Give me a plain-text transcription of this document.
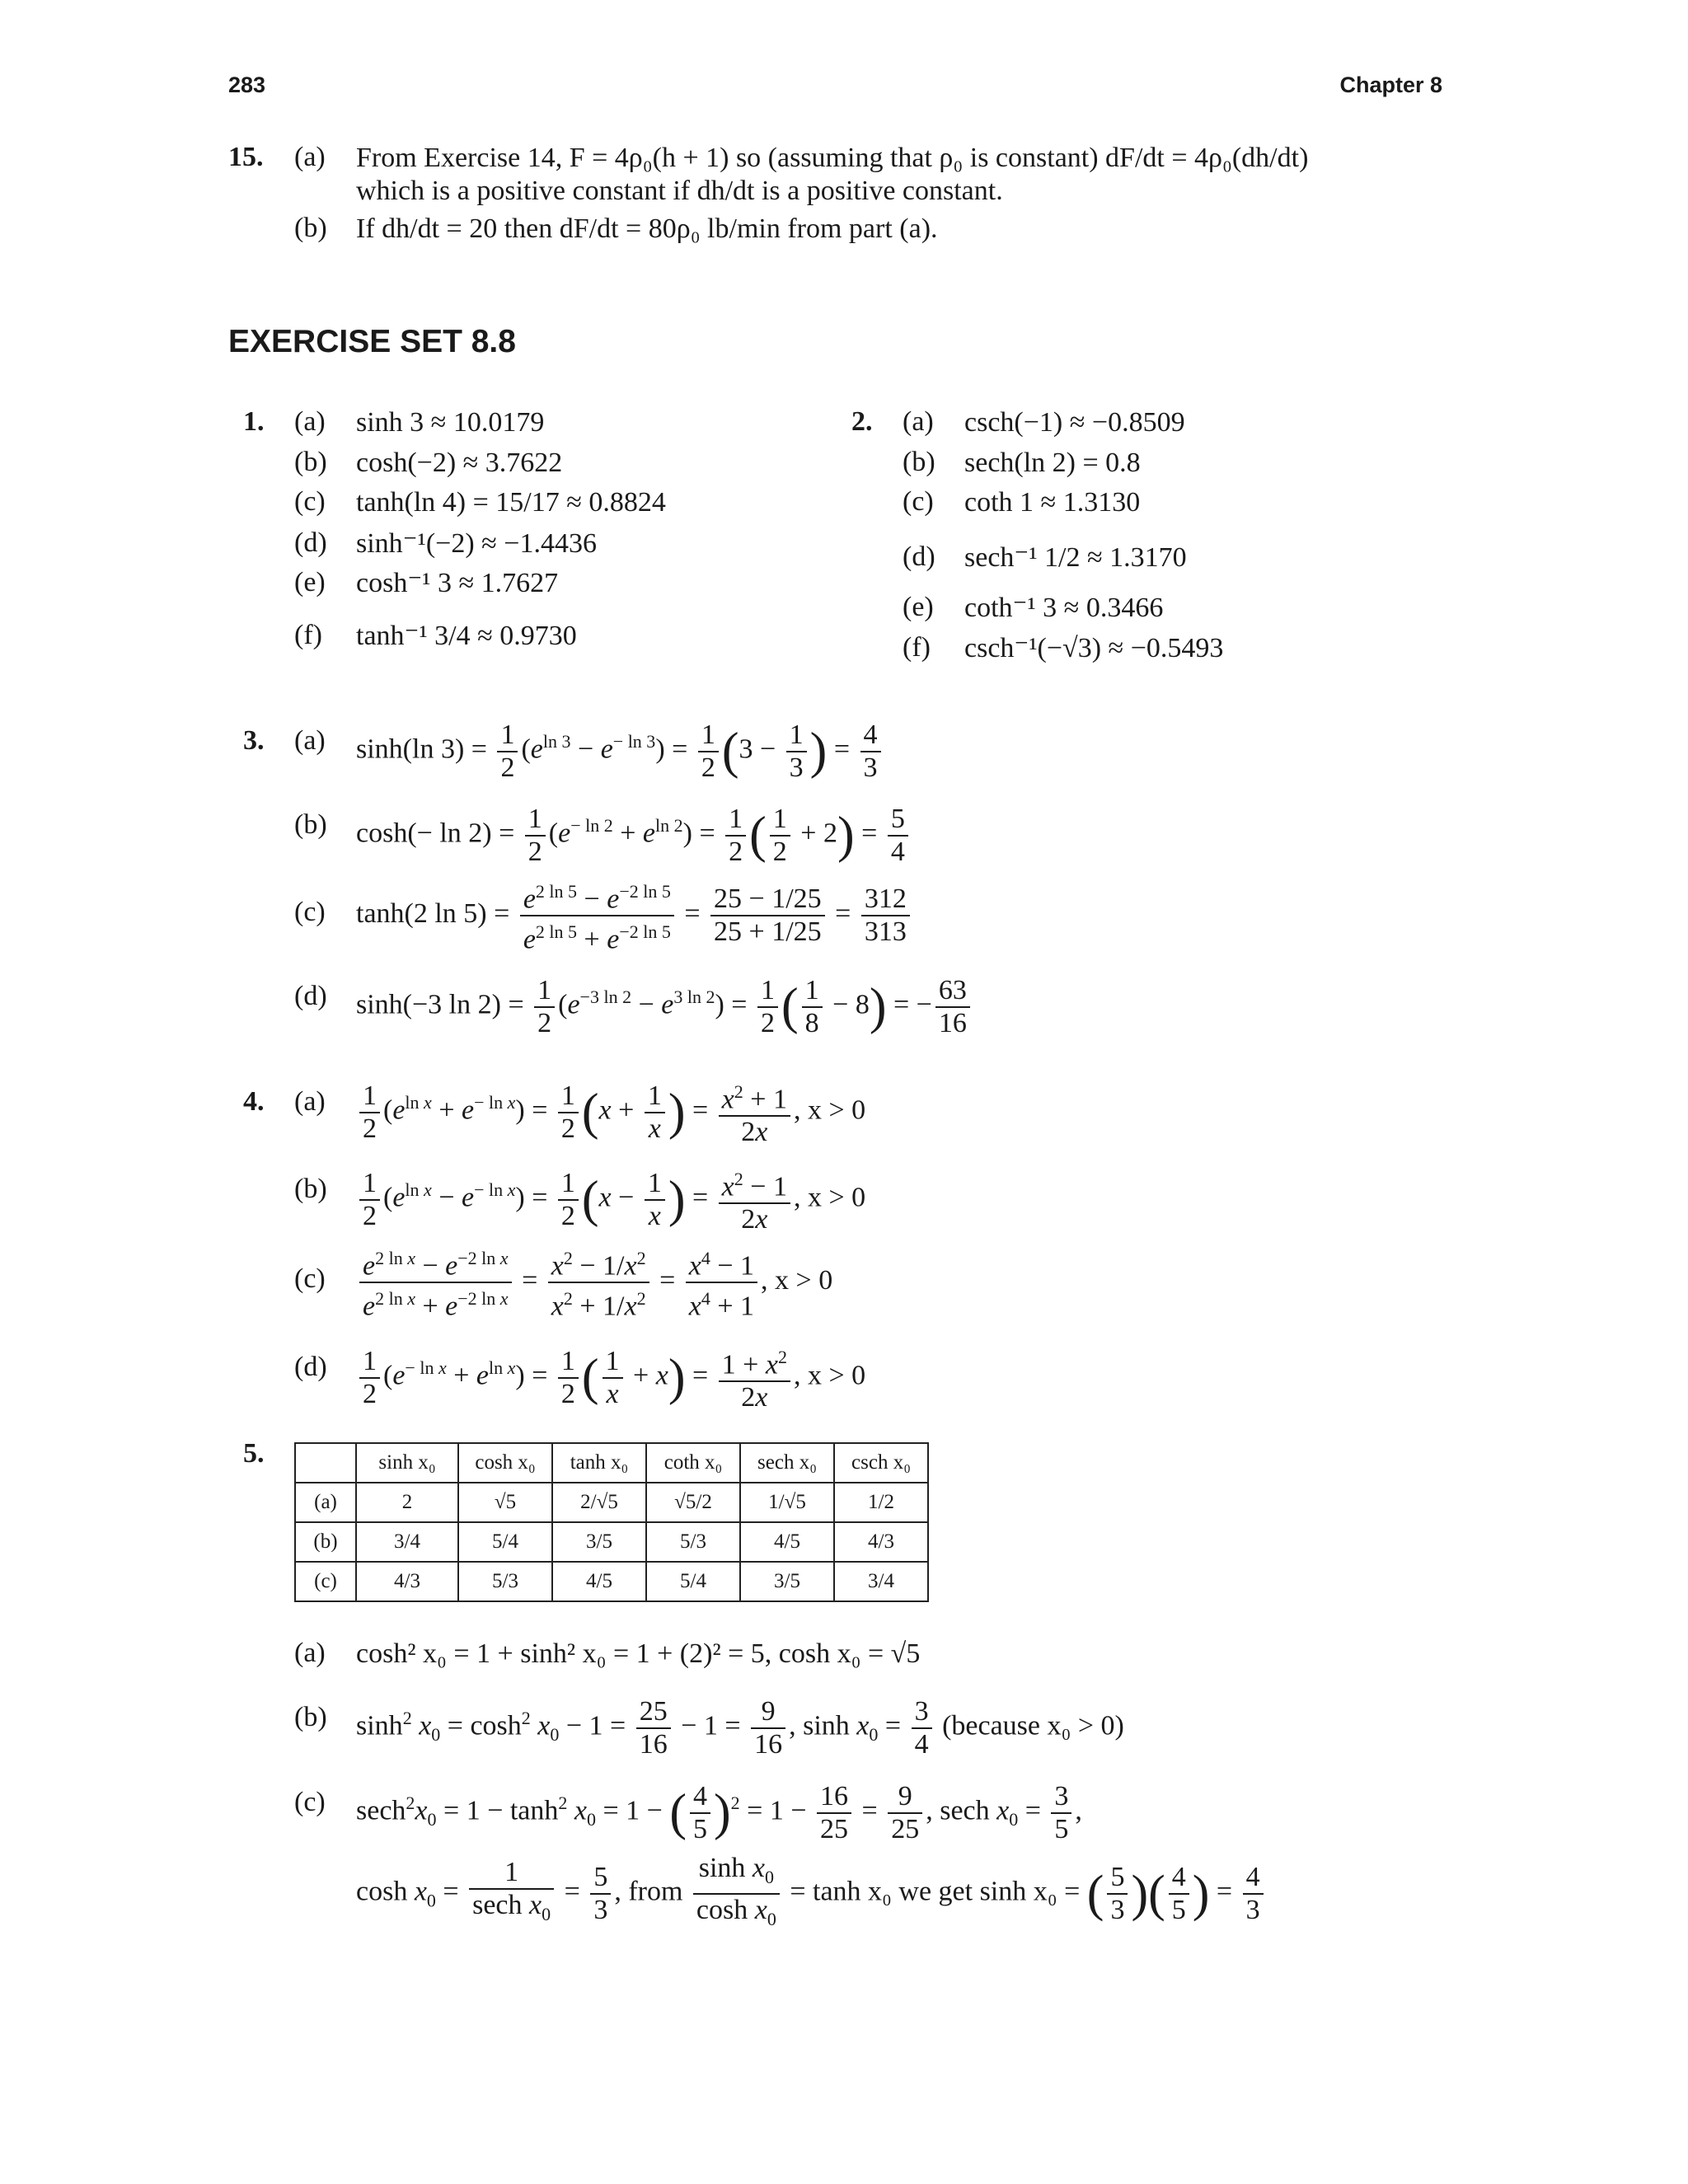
283	Chapter 8
15. (a) From Exercise 14, F = 4ρ₀(h + 1) so (assuming that ρ₀ is constant) dF/dt = 4ρ₀(dh/dt)
which is a positive constant if dh/dt is a positive constant.
(b) If dh/dt = 20 then dF/dt = 80ρ₀ lb/min from part (a).
EXERCISE SET 8.8
1. (a) sinh 3 ≈ 10.0179
(b) cosh(−2) ≈ 3.7622
(c) tanh(ln 4) = 15/17 ≈ 0.8824
(d) sinh⁻¹(−2) ≈ −1.4436
(e) cosh⁻¹ 3 ≈ 1.7627
(f) tanh⁻¹ 3/4 ≈ 0.9730
2. (a) csch(−1) ≈ −0.8509
(b) sech(ln 2) = 0.8
(c) coth 1 ≈ 1.3130
(d) sech⁻¹ 1/2 ≈ 1.3170
(e) coth⁻¹ 3 ≈ 0.3466
(f) csch⁻¹(−√3) ≈ −0.5493
3. (a) sinh(ln $3) = \frac{1}{2} (e^{ln 3} - e^{- ln 3}) = \frac{1}{2} (3 - \frac{1}{3}$ ) = $\frac{4}{3}$
(b) $\cosh(- \ln 2) = \frac{1}{2} (e^{- ln 2} + e^{ln 2}) = \frac{1}{2}$ ( $\frac{1}{2} + 2) = \frac{5}{4}$
(c) tanh(2 $\ln 5) = \frac{e^{2 ln 5} - e^{-2 ln 5}}{e^{2 ln 5} + e^{-2 ln 5}} = \frac{25 - 1/25}{25 + 1/25} = \frac{312}{313}$
(d) sinh(−3 $\ln 2) = \frac{1}{2} (e^{-3 ln 2} - e^{3 ln 2}) = \frac{1}{2}$ ( $\frac{1}{8} - 8$) = − $\frac{63}{16}$
4. $(a) \frac{1}{2} (e^{ln x} + e^{- ln x}) = \frac{1}{2} (x + \frac{1}{x}$ ) = $\frac{x^2 + 1}{2x}$ , x > 0
$(b) \frac{1}{2} (e^{ln x} - e^{- ln x}) = \frac{1}{2} (x - \frac{1}{x}$ ) = $\frac{x^2 - 1}{2x}$ , x > 0
$(c) \frac{e^{2 ln x} - e^{-2 ln x}}{e^{2 ln x} + e^{-2 ln x}} = \frac{x^2 - 1/x^2}{x^2 + 1/x^2} = \frac{x^4 - 1}{x^4 + 1}$ , x > 0
$(d) \frac{1}{2} (e^{- ln x} + e^{ln x}) = \frac{1}{2}$ ( $\frac{1}{x} + x) = \frac{1 + x^2}{2x}$ , x > 0
5.
		sinh x₀	cosh x₀	tanh x₀	coth x₀	sech x₀	csch x₀
(a)	2	√5	2/√5	√5/2	1/√5	1/2
(b)	3/4	5/4	3/5	5/3	4/5	4/3
(c)	4/3	5/3	4/5	5/4	3/5	3/4
(a) cosh² x₀ = 1 + sinh² x₀ = 1 + (2)² = 5, cosh x₀ = √5
(b) $\sinh^2 x_0 = \cosh^2 x_0 - 1 = \frac{25}{16} - 1 = \frac{9}{16}$ , $\sinh x_0 = \frac{3}{4}$ (because x₀ > 0)
(c) $\sec h^2x_0 = 1 - \tanh^2 x_0 = 1$ − ( $\frac{4}{5} )^2 = 1 - \frac{16}{25} = \frac{9}{25}$ , sech $x_0 = \frac{3}{5}$ ,
$\cosh x_0$ =
1
sech $x_0$
= $\frac{5}{3}$ , from $\frac{\sinh x_0}{\cosh x_0} = \tanh x_0$ we get sinh x₀ = ( $\frac{5}{3}$ )( $\frac{4}{5}$ ) = $\frac{4}{3}$
